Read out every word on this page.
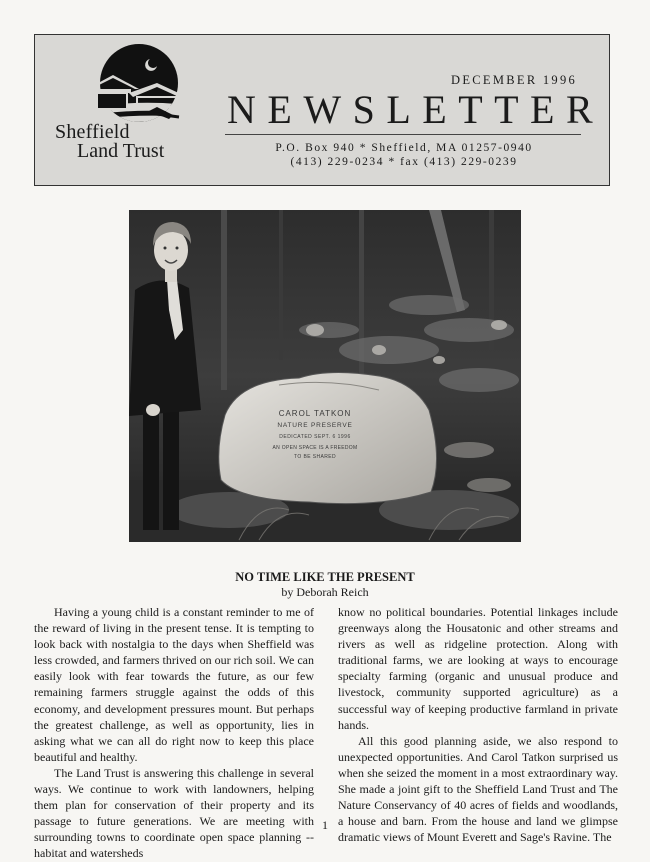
Sheffield
Land Trust
DECEMBER 1996
NEWSLETTER
P.O. Box 940 * Sheffield, MA 01257-0940
(413) 229-0234 * fax (413) 229-0239
CAROL TATKON
NATURE PRESERVE
DEDICATED SEPT. 6 1996
AN OPEN SPACE IS A FREEDOM
TO BE SHARED
NO TIME LIKE THE PRESENT
by Deborah Reich

Having a young child is a constant reminder to me of the reward of living in the present tense. It is tempting to look back with nostalgia to the days when Sheffield was less crowded, and farmers thrived on our rich soil. We can easily look with fear towards the future, as our few remaining farmers struggle against the odds of this economy, and development pressures mount. But perhaps the greatest challenge, as well as opportunity, lies in asking what we can all do right now to keep this place beautiful and healthy.

The Land Trust is answering this challenge in several ways. We continue to work with landowners, helping them plan for conservation of their property and its passage to future generations. We are meeting with surrounding towns to coordinate open space planning -- habitat and watersheds

know no political boundaries. Potential linkages include greenways along the Housatonic and other streams and rivers as well as ridgeline protection. Along with traditional farms, we are looking at ways to encourage specialty farming (organic and unusual produce and livestock, community supported agriculture) as a successful way of keeping productive farmland in private hands.

All this good planning aside, we also respond to unexpected opportunities. And Carol Tatkon surprised us when she seized the moment in a most extraordinary way. She made a joint gift to the Sheffield Land Trust and The Nature Conservancy of 40 acres of fields and woodlands, a house and barn. From the house and land we glimpse dramatic views of Mount Everett and Sage's Ravine. The

1
